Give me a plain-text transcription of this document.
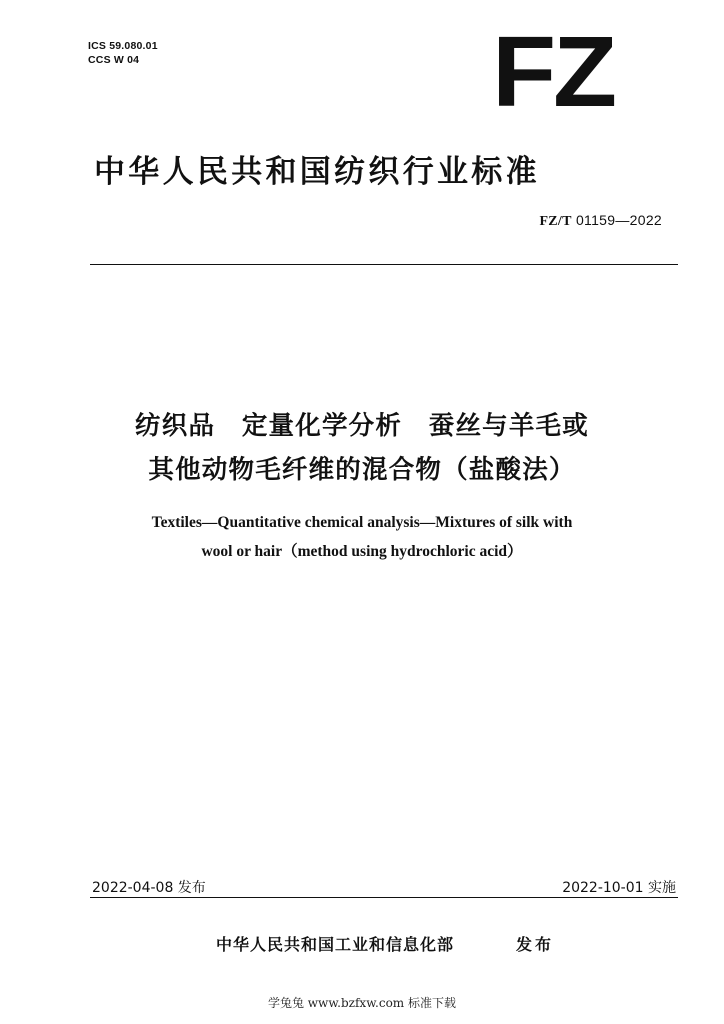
ICS 59.080.01
CCS W 04	FZ
中华人民共和国纺织行业标准
FZ/T 01159—2022
纺织品　定量化学分析　蚕丝与羊毛或
其他动物毛纤维的混合物（盐酸法）
Textiles—Quantitative chemical analysis—Mixtures of silk with
wool or hair（method using hydrochloric acid）
2022-04-08 发布	2022-10-01 实施
中华人民共和国工业和信息化部	发布
学兔兔 www.bzfxw.com 标准下载
